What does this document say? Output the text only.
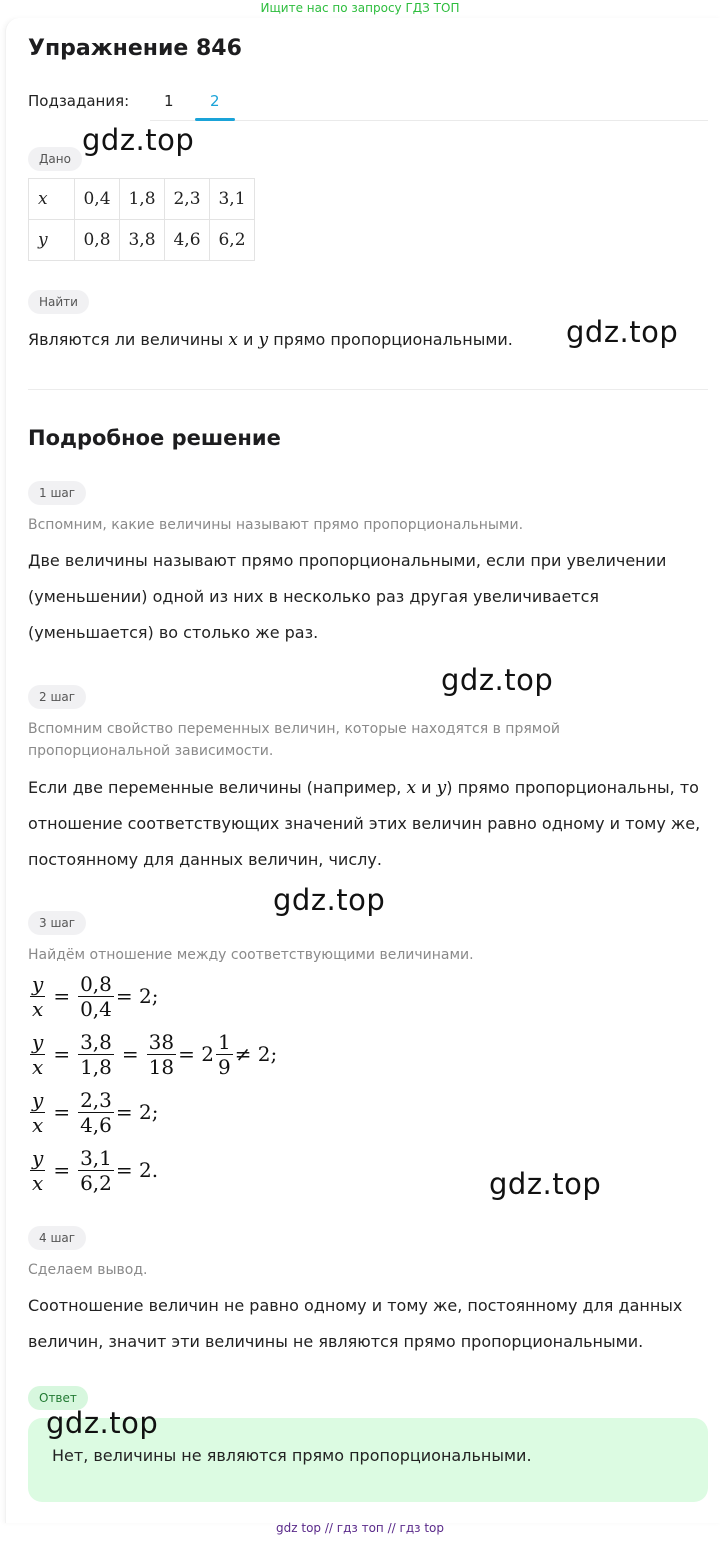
Ищите нас по запросу ГДЗ ТОП
Упражнение 846
Подзадания: 1 2
Дано
gdz.top
x	0,4	1,8	2,3	3,1
y	0,8	3,8	4,6	6,2
Найти
Являются ли величины x и y прямо пропорциональными. gdz.top
Подробное решение
1 шаг
Вспомним, какие величины называют прямо пропорциональными.
Две величины называют прямо пропорциональными, если при увеличении (уменьшении) одной из них в несколько раз другая увеличивается (уменьшается) во столько же раз.
gdz.top
2 шаг
Вспомним свойство переменных величин, которые находятся в прямой пропорциональной зависимости.
Если две переменные величины (например, x и y) прямо пропорциональны, то отношение соответствующих значений этих величин равно одному и тому же, постоянному для данных величин, числу.
gdz.top
3 шаг
Найдём отношение между соответствующими величинами.
$\frac{y}{x} = \frac{0,8}{0,4} = 2$;
$\frac{y}{x} = \frac{3,8}{1,8} = \frac{38}{18} = 2 \frac{1}{9} \ne 2$;
$\frac{y}{x} = \frac{2,3}{4,6} = 2$;
$\frac{y}{x} = \frac{3,1}{6,2} = 2$.	gdz.top
4 шаг
Сделаем вывод.
Соотношение величин не равно одному и тому же, постоянному для данных величин, значит эти величины не являются прямо пропорциональными.
Ответ
gdz.top
Нет, величины не являются прямо пропорциональными.
gdz top // гдз топ // гдз top
